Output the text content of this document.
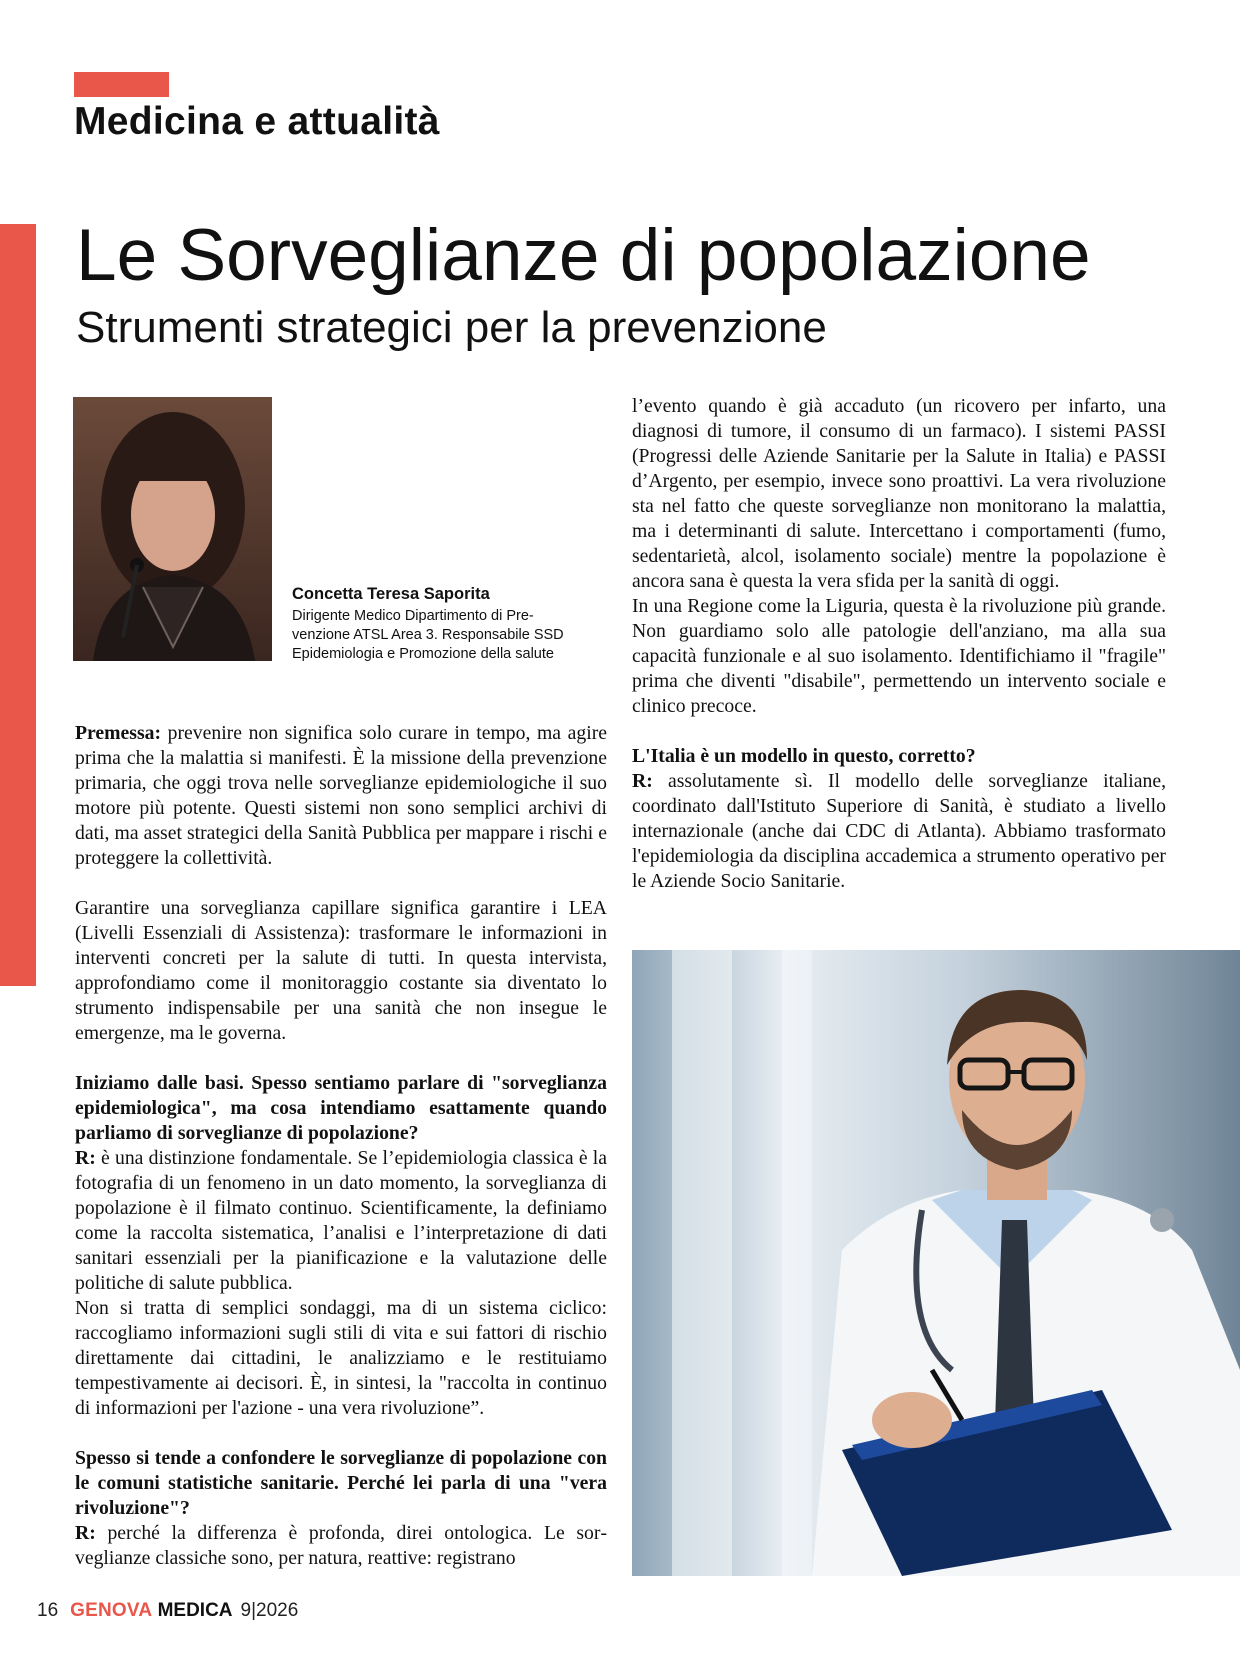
Medicina e attualità
Le Sorveglianze di popolazione
Strumenti strategici per la prevenzione
Concetta Teresa Saporita
Dirigente Medico Dipartimento di Pre-
venzione ATSL Area 3. Responsabile SSD
Epidemiologia e Promozione della salute

Premessa: prevenire non significa solo curare in tempo, ma agire prima che la malattia si manifesti. È la missione della prevenzione primaria, che oggi trova nelle sorveglianze epidemiologiche il suo motore più potente. Questi sistemi non sono semplici archivi di dati, ma asset strategici della Sanità Pubblica per mappare i rischi e proteggere la collettività.

Garantire una sorveglianza capillare significa garantire i LEA (Livelli Essenziali di Assistenza): trasformare le informazioni in interventi concreti per la salute di tutti. In questa intervista, approfondiamo come il monitoraggio costante sia diventato lo strumento indispensabile per una sanità che non insegue le emergenze, ma le governa.

Iniziamo dalle basi. Spesso sentiamo parlare di "sorveglianza epidemiologica", ma cosa intendiamo esattamente quando parliamo di sorveglianze di popolazione?

R: è una distinzione fondamentale. Se l’epidemiologia classica è la fotografia di un fenomeno in un dato momento, la sorveglianza di popolazione è il filmato continuo. Scientificamente, la definiamo come la raccolta sistematica, l’analisi e l’interpretazione di dati sanitari essenziali per la pianificazione e la valutazione delle politiche di salute pubblica.

Non si tratta di semplici sondaggi, ma di un sistema ciclico: raccogliamo informazioni sugli stili di vita e sui fattori di rischio direttamente dai cittadini, le analizziamo e le restituiamo tempestivamente ai decisori. È, in sintesi, la "raccolta in continuo di informazioni per l'azione - una vera rivoluzione”.

Spesso si tende a confondere le sorveglianze di popolazione con le comuni statistiche sanitarie. Perché lei parla di una "vera rivoluzione"?

R: perché la differenza è profonda, direi ontologica. Le sorveglianze classiche sono, per natura, reattive: registrano

l’evento quando è già accaduto (un ricovero per infarto, una diagnosi di tumore, il consumo di un farmaco). I sistemi PASSI (Progressi delle Aziende Sanitarie per la Salute in Italia) e PASSI d’Argento, per esempio, invece sono proattivi. La vera rivoluzione sta nel fatto che queste sorveglianze non monitorano la malattia, ma i determinanti di salute. Intercettano i comportamenti (fumo, sedentarietà, alcol, isolamento sociale) mentre la popolazione è ancora sana è questa la vera sfida per la sanità di oggi.

In una Regione come la Liguria, questa è la rivoluzione più grande. Non guardiamo solo alle patologie dell'anziano, ma alla sua capacità funzionale e al suo isolamento. Identifichiamo il "fragile" prima che diventi "disabile", permettendo un intervento sociale e clinico precoce.

L'Italia è un modello in questo, corretto?

R: assolutamente sì. Il modello delle sorveglianze italiane, coordinato dall'Istituto Superiore di Sanità, è studiato a livello internazionale (anche dai CDC di Atlanta). Abbiamo trasformato l'epidemiologia da disciplina accademica a strumento operativo per le Aziende Socio Sanitarie.

16 GENOVA MEDICA 9|2026
